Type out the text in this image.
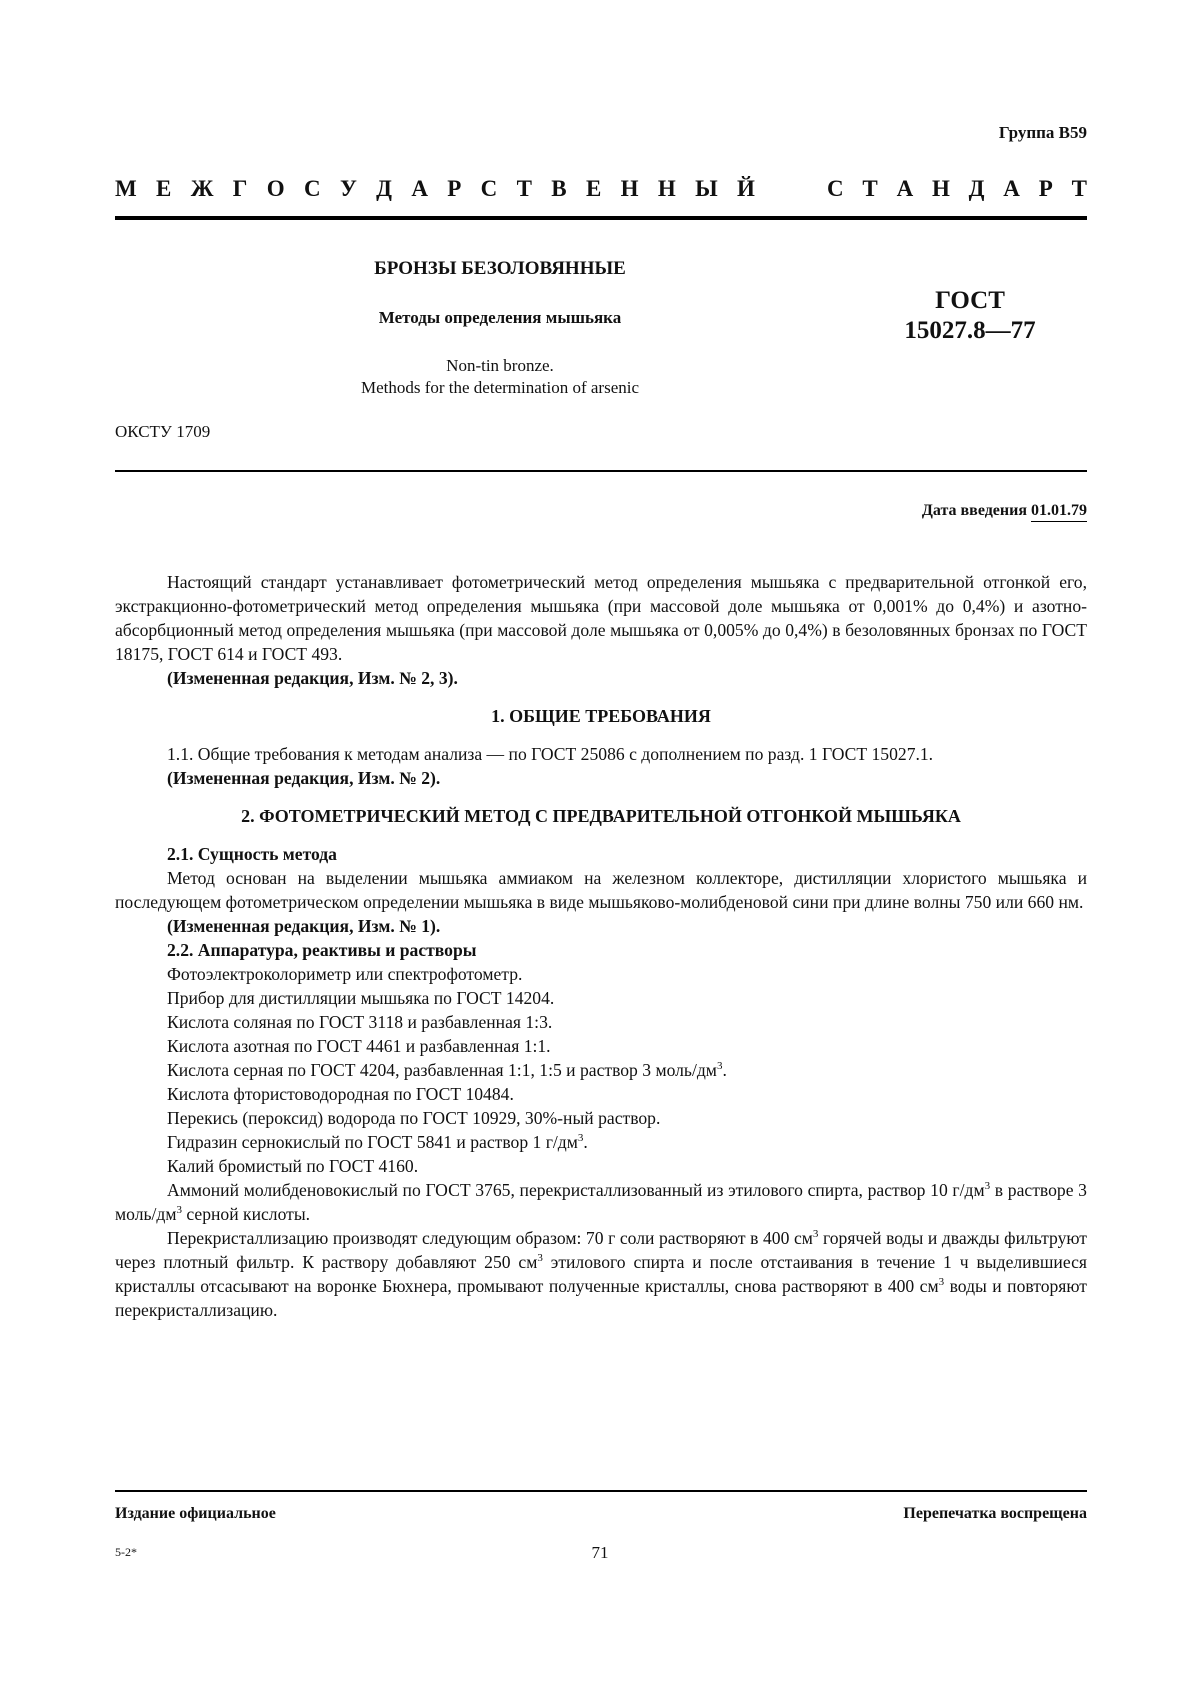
Группа В59
М Е Ж Г О С У Д А Р С Т В Е Н Н Ы Й	С Т А Н Д А Р Т
БРОНЗЫ БЕЗОЛОВЯННЫЕ
Методы определения мышьяка
Non-tin bronze.
Methods for the determination of arsenic
ГОСТ
15027.8—77
ОКСТУ 1709
Дата введения 01.01.79

Настоящий стандарт устанавливает фотометрический метод определения мышьяка с предварительной отгонкой его, экстракционно-фотометрический метод определения мышьяка (при массовой доле мышьяка от 0,001% до 0,4%) и азотно-абсорбционный метод определения мышьяка (при массовой доле мышьяка от 0,005% до 0,4%) в безоловянных бронзах по ГОСТ 18175, ГОСТ 614 и ГОСТ 493.

(Измененная редакция, Изм. № 2, 3).

1. ОБЩИЕ ТРЕБОВАНИЯ

1.1. Общие требования к методам анализа — по ГОСТ 25086 с дополнением по разд. 1 ГОСТ 15027.1.

(Измененная редакция, Изм. № 2).

2. ФОТОМЕТРИЧЕСКИЙ МЕТОД С ПРЕДВАРИТЕЛЬНОЙ ОТГОНКОЙ МЫШЬЯКА

2.1. Сущность метода

Метод основан на выделении мышьяка аммиаком на железном коллекторе, дистилляции хлористого мышьяка и последующем фотометрическом определении мышьяка в виде мышьяково-молибденовой сини при длине волны 750 или 660 нм.

(Измененная редакция, Изм. № 1).

2.2. Аппаратура, реактивы и растворы

Фотоэлектроколориметр или спектрофотометр.

Прибор для дистилляции мышьяка по ГОСТ 14204.

Кислота соляная по ГОСТ 3118 и разбавленная 1:3.

Кислота азотная по ГОСТ 4461 и разбавленная 1:1.

Кислота серная по ГОСТ 4204, разбавленная 1:1, 1:5 и раствор 3 моль/$дм^3$.

Кислота фтористоводородная по ГОСТ 10484.

Перекись (пероксид) водорода по ГОСТ 10929, 30%-ный раствор.

Гидразин сернокислый по ГОСТ 5841 и раствор 1 $г/дм^3$.

Калий бромистый по ГОСТ 4160.

Аммоний молибденовокислый по ГОСТ 3765, перекристаллизованный из этилового спирта, раствор 10 $г/дм^3$ в растворе 3 моль/$дм^3$ серной кислоты.

Перекристаллизацию производят следующим образом: 70 г соли растворяют в 400 $см^3$ горячей воды и дважды фильтруют через плотный фильтр. К раствору добавляют 250 $см^3$ этилового спирта и после отстаивания в течение 1 ч выделившиеся кристаллы отсасывают на воронке Бюхнера, промывают полученные кристаллы, снова растворяют в 400 $см^3$ воды и повторяют перекристаллизацию.

Издание официальное	Перепечатка воспрещена
5-2*	71
